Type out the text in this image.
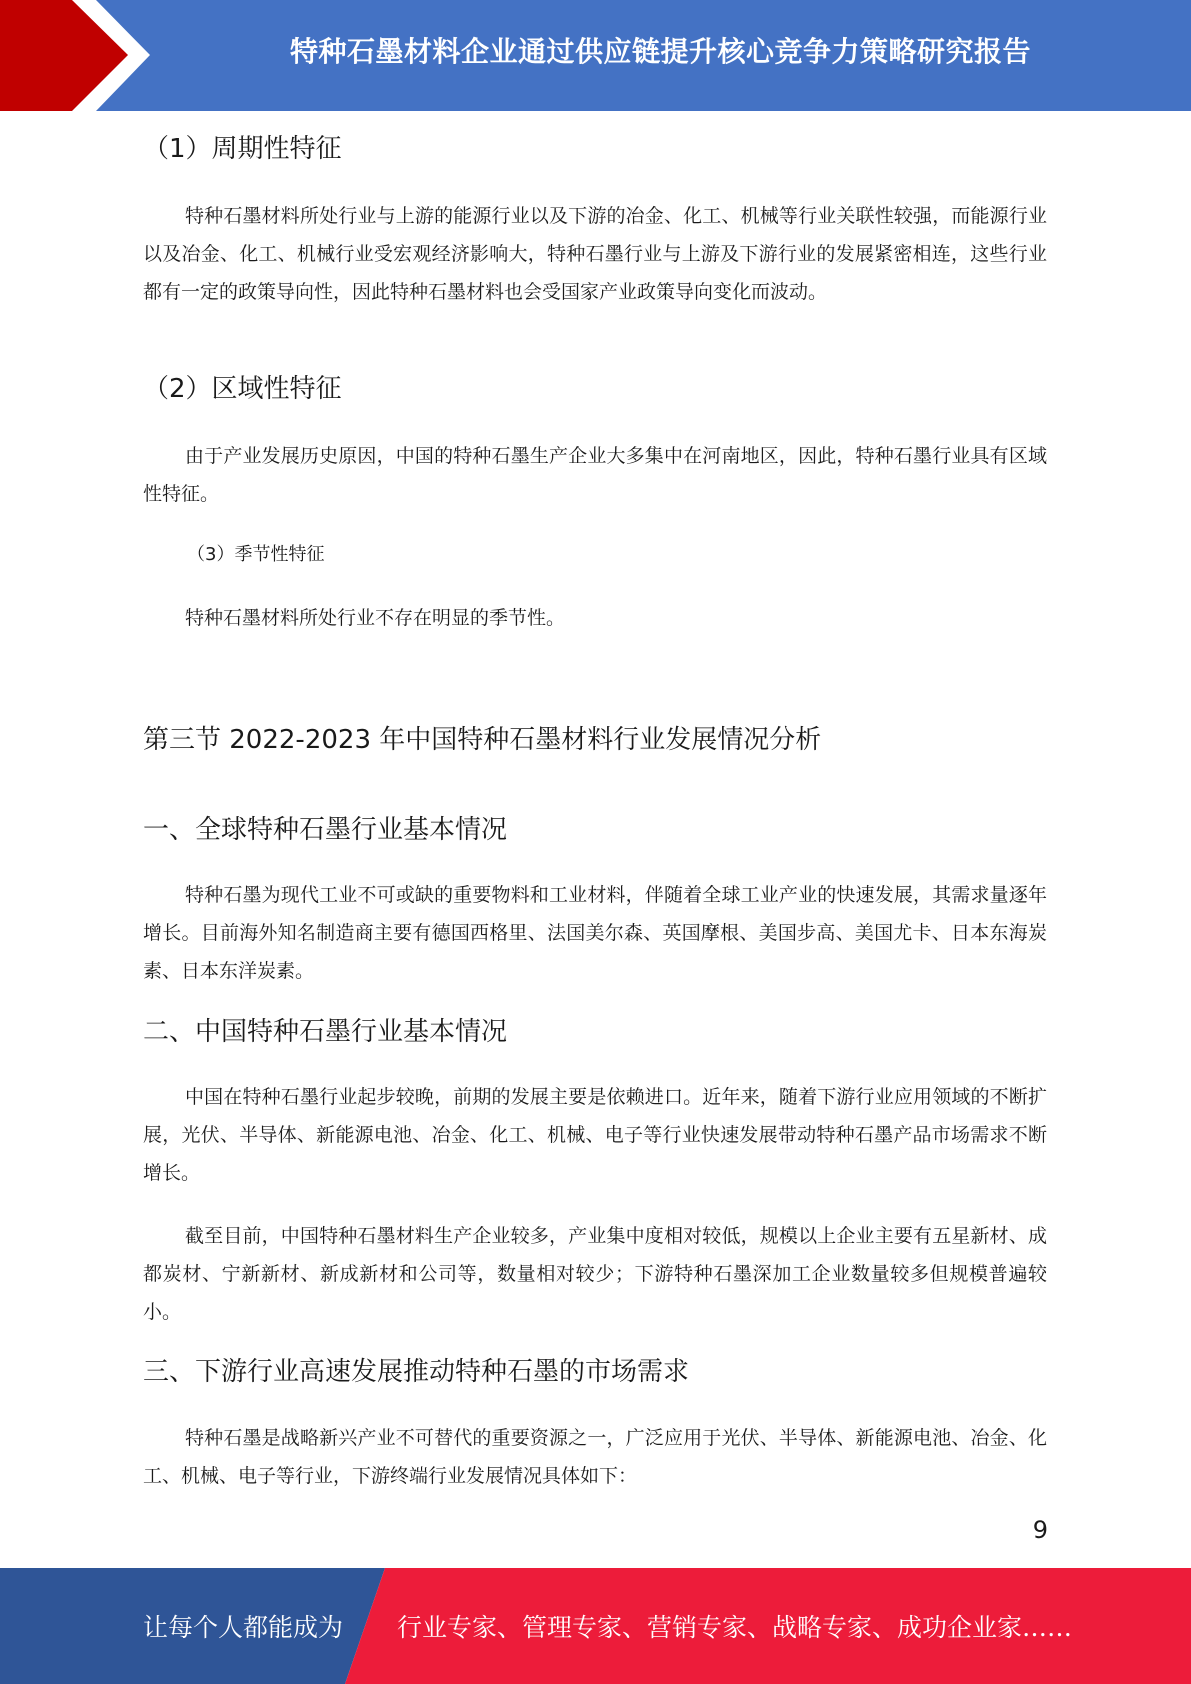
特种石墨材料企业通过供应链提升核心竞争力策略研究报告
（1）周期性特征
特种石墨材料所处行业与上游的能源行业以及下游的冶金、化工、机械等行业关联性较强，而能源行业以及冶金、化工、机械行业受宏观经济影响大，特种石墨行业与上游及下游行业的发展紧密相连，这些行业都有一定的政策导向性，因此特种石墨材料也会受国家产业政策导向变化而波动。
（2）区域性特征
由于产业发展历史原因，中国的特种石墨生产企业大多集中在河南地区，因此，特种石墨行业具有区域性特征。
（3）季节性特征
特种石墨材料所处行业不存在明显的季节性。
第三节 2022-2023 年中国特种石墨材料行业发展情况分析
一、全球特种石墨行业基本情况
特种石墨为现代工业不可或缺的重要物料和工业材料，伴随着全球工业产业的快速发展，其需求量逐年增长。目前海外知名制造商主要有德国西格里、法国美尔森、英国摩根、美国步高、美国尤卡、日本东海炭素、日本东洋炭素。
二、中国特种石墨行业基本情况
中国在特种石墨行业起步较晚，前期的发展主要是依赖进口。近年来，随着下游行业应用领域的不断扩展，光伏、半导体、新能源电池、冶金、化工、机械、电子等行业快速发展带动特种石墨产品市场需求不断增长。
截至目前，中国特种石墨材料生产企业较多，产业集中度相对较低，规模以上企业主要有五星新材、成都炭材、宁新新材、新成新材和公司等，数量相对较少；下游特种石墨深加工企业数量较多但规模普遍较小。
三、下游行业高速发展推动特种石墨的市场需求
特种石墨是战略新兴产业不可替代的重要资源之一，广泛应用于光伏、半导体、新能源电池、冶金、化工、机械、电子等行业，下游终端行业发展情况具体如下：
9
让每个人都能成为 行业专家、管理专家、营销专家、战略专家、成功企业家……
